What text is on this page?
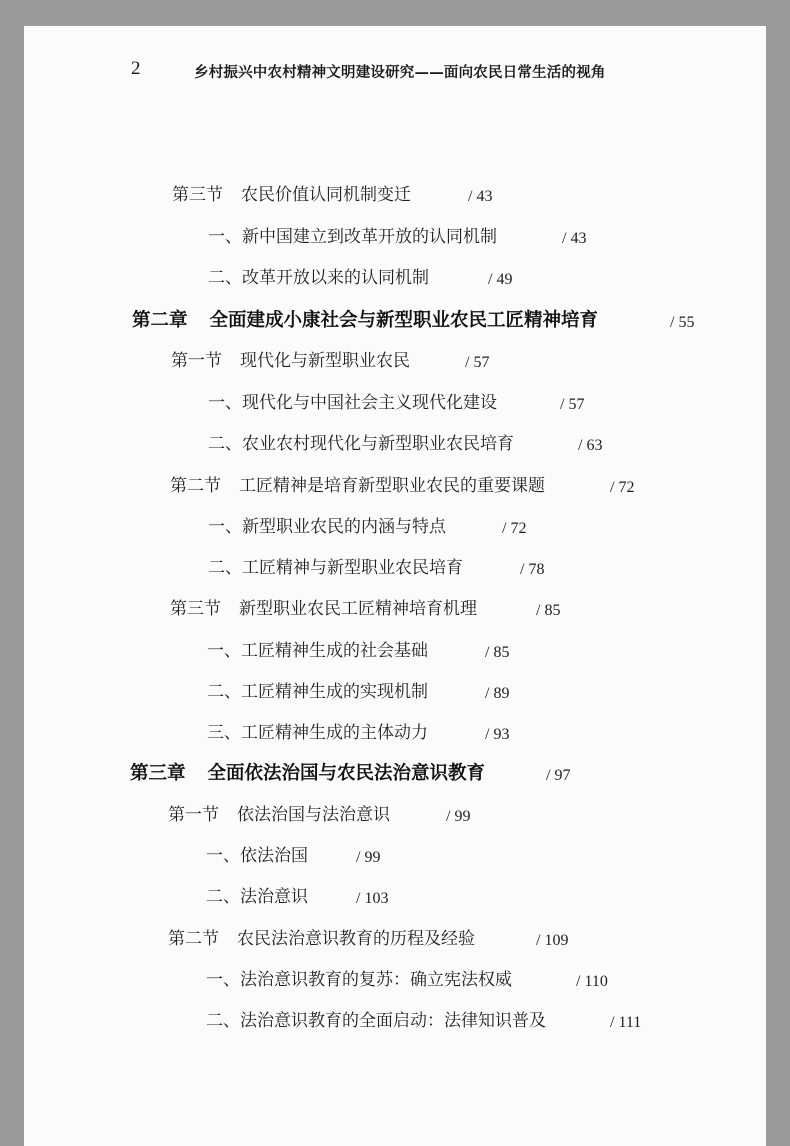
2	乡村振兴中农村精神文明建设研究——面向农民日常生活的视角
第三节 农民价值认同机制变迁	/ 43
一、新中国建立到改革开放的认同机制	/ 43
二、改革开放以来的认同机制	/ 49
第二章 全面建成小康社会与新型职业农民工匠精神培育	/ 55
第一节 现代化与新型职业农民	/ 57
一、现代化与中国社会主义现代化建设	/ 57
二、农业农村现代化与新型职业农民培育	/ 63
第二节 工匠精神是培育新型职业农民的重要课题	/ 72
一、新型职业农民的内涵与特点	/ 72
二、工匠精神与新型职业农民培育	/ 78
第三节 新型职业农民工匠精神培育机理	/ 85
一、工匠精神生成的社会基础	/ 85
二、工匠精神生成的实现机制	/ 89
三、工匠精神生成的主体动力	/ 93
第三章 全面依法治国与农民法治意识教育	/ 97
第一节 依法治国与法治意识	/ 99
一、依法治国	/ 99
二、法治意识	/ 103
第二节 农民法治意识教育的历程及经验	/ 109
一、法治意识教育的复苏：确立宪法权威	/ 110
二、法治意识教育的全面启动：法律知识普及	/ 111
